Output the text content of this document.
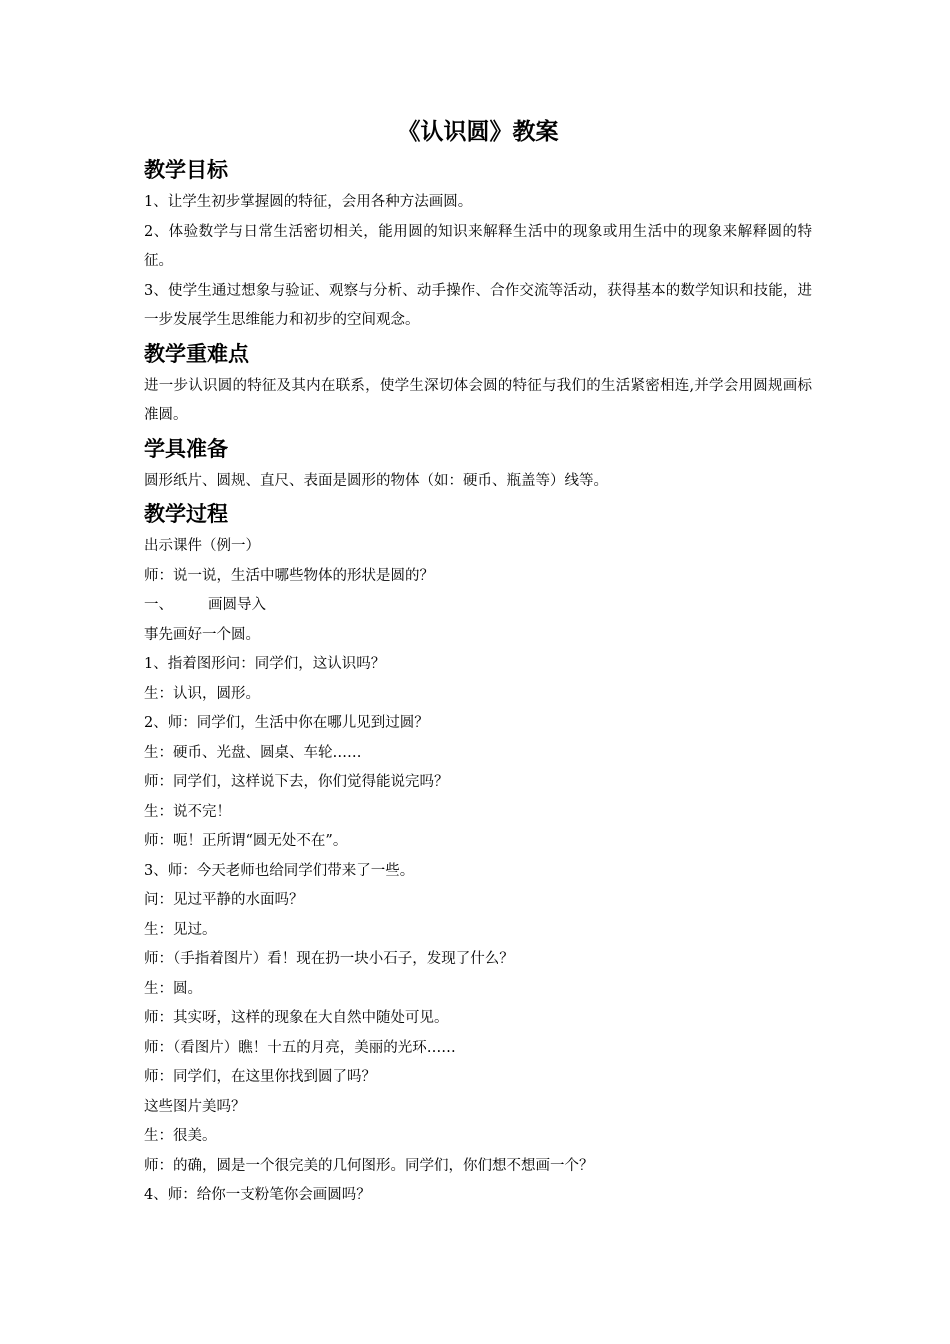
《认识圆》教案
教学目标

1、让学生初步掌握圆的特征，会用各种方法画圆。

2、体验数学与日常生活密切相关，能用圆的知识来解释生活中的现象或用生活中的现象来解释圆的特征。

3、使学生通过想象与验证、观察与分析、动手操作、合作交流等活动，获得基本的数学知识和技能，进一步发展学生思维能力和初步的空间观念。

教学重难点

进一步认识圆的特征及其内在联系，使学生深切体会圆的特征与我们的生活紧密相连,并学会用圆规画标准圆。

学具准备

圆形纸片、圆规、直尺、表面是圆形的物体（如：硬币、瓶盖等）线等。

教学过程

出示课件（例一）

师：说一说，生活中哪些物体的形状是圆的？

一、 画圆导入

事先画好一个圆。

1、指着图形问：同学们，这认识吗？

生：认识，圆形。

2、师：同学们，生活中你在哪儿见到过圆？

生：硬币、光盘、圆桌、车轮……

师：同学们，这样说下去，你们觉得能说完吗？

生：说不完！

师：呃！正所谓“圆无处不在”。

3、师：今天老师也给同学们带来了一些。

问：见过平静的水面吗？

生：见过。

师：（手指着图片）看！现在扔一块小石子，发现了什么？

生：圆。

师：其实呀，这样的现象在大自然中随处可见。

师：（看图片）瞧！十五的月亮，美丽的光环……

师：同学们，在这里你找到圆了吗？

这些图片美吗？

生：很美。

师：的确，圆是一个很完美的几何图形。同学们，你们想不想画一个？

4、师：给你一支粉笔你会画圆吗？
